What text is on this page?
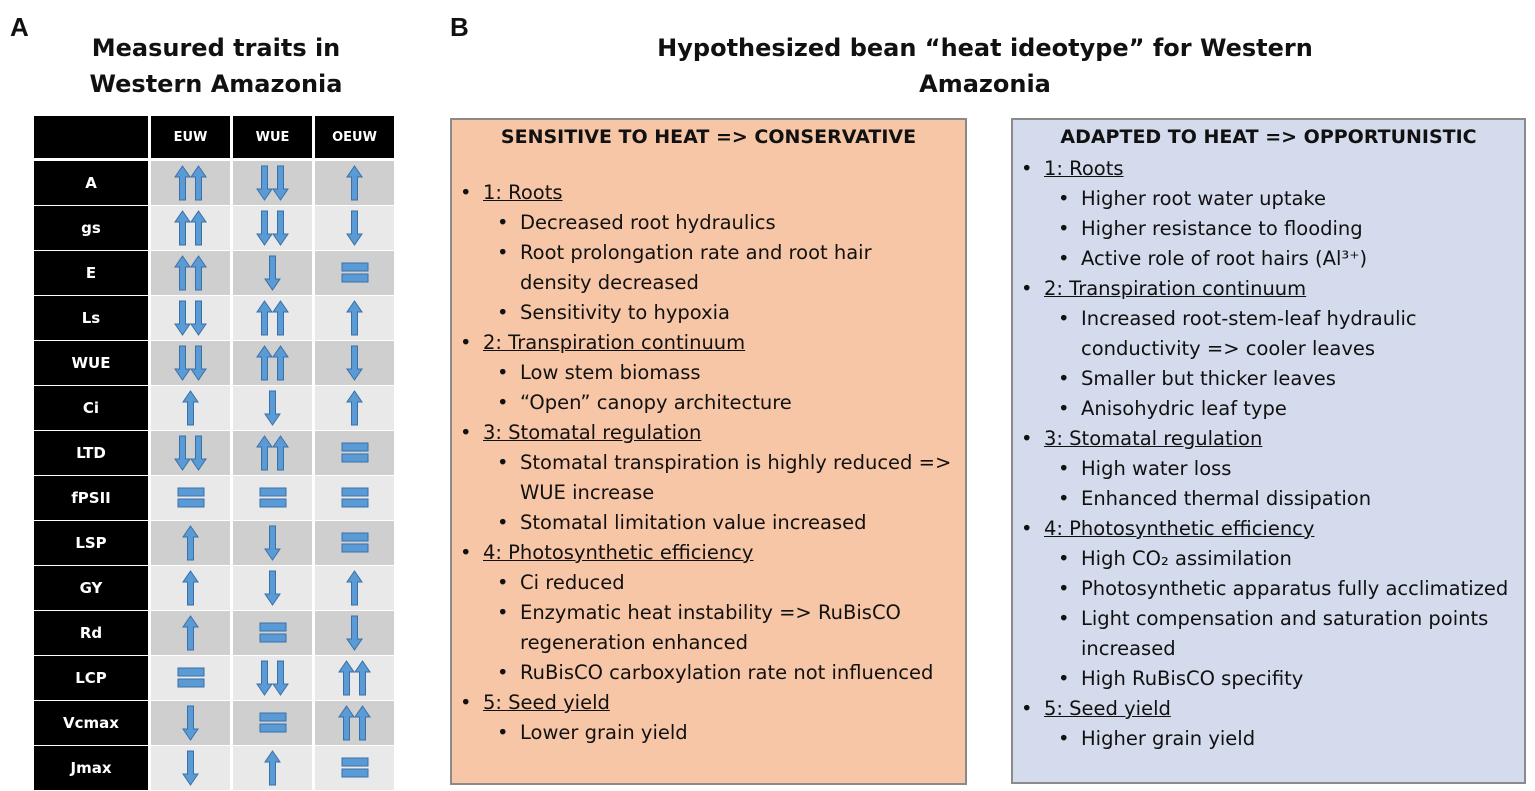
A
Measured traits in
Western Amazonia
EUW	WUE	OEUW
A
gs
E
Ls
WUE
Ci
LTD
fPSII
LSP
GY
Rd
LCP
Vcmax
Jmax
B
Hypothesized bean “heat ideotype” for Western
Amazonia
SENSITIVE TO HEAT => CONSERVATIVE
• 1: Roots
• Decreased root hydraulics
• Root prolongation rate and root hair density decreased
• Sensitivity to hypoxia
• 2: Transpiration continuum
• Low stem biomass
• “Open” canopy architecture
• 3: Stomatal regulation
• Stomatal transpiration is highly reduced => WUE increase
• Stomatal limitation value increased
• 4: Photosynthetic efficiency
• Ci reduced
• Enzymatic heat instability => RuBisCO regeneration enhanced
• RuBisCO carboxylation rate not influenced
• 5: Seed yield
• Lower grain yield
ADAPTED TO HEAT => OPPORTUNISTIC
• 1: Roots
• Higher root water uptake
• Higher resistance to flooding
• Active role of root hairs (Al³⁺)
• 2: Transpiration continuum
• Increased root-stem-leaf hydraulic conductivity => cooler leaves
• Smaller but thicker leaves
• Anisohydric leaf type
• 3: Stomatal regulation
• High water loss
• Enhanced thermal dissipation
• 4: Photosynthetic efficiency
• High CO₂ assimilation
• Photosynthetic apparatus fully acclimatized
• Light compensation and saturation points increased
• High RuBisCO specifity
• 5: Seed yield
• Higher grain yield
